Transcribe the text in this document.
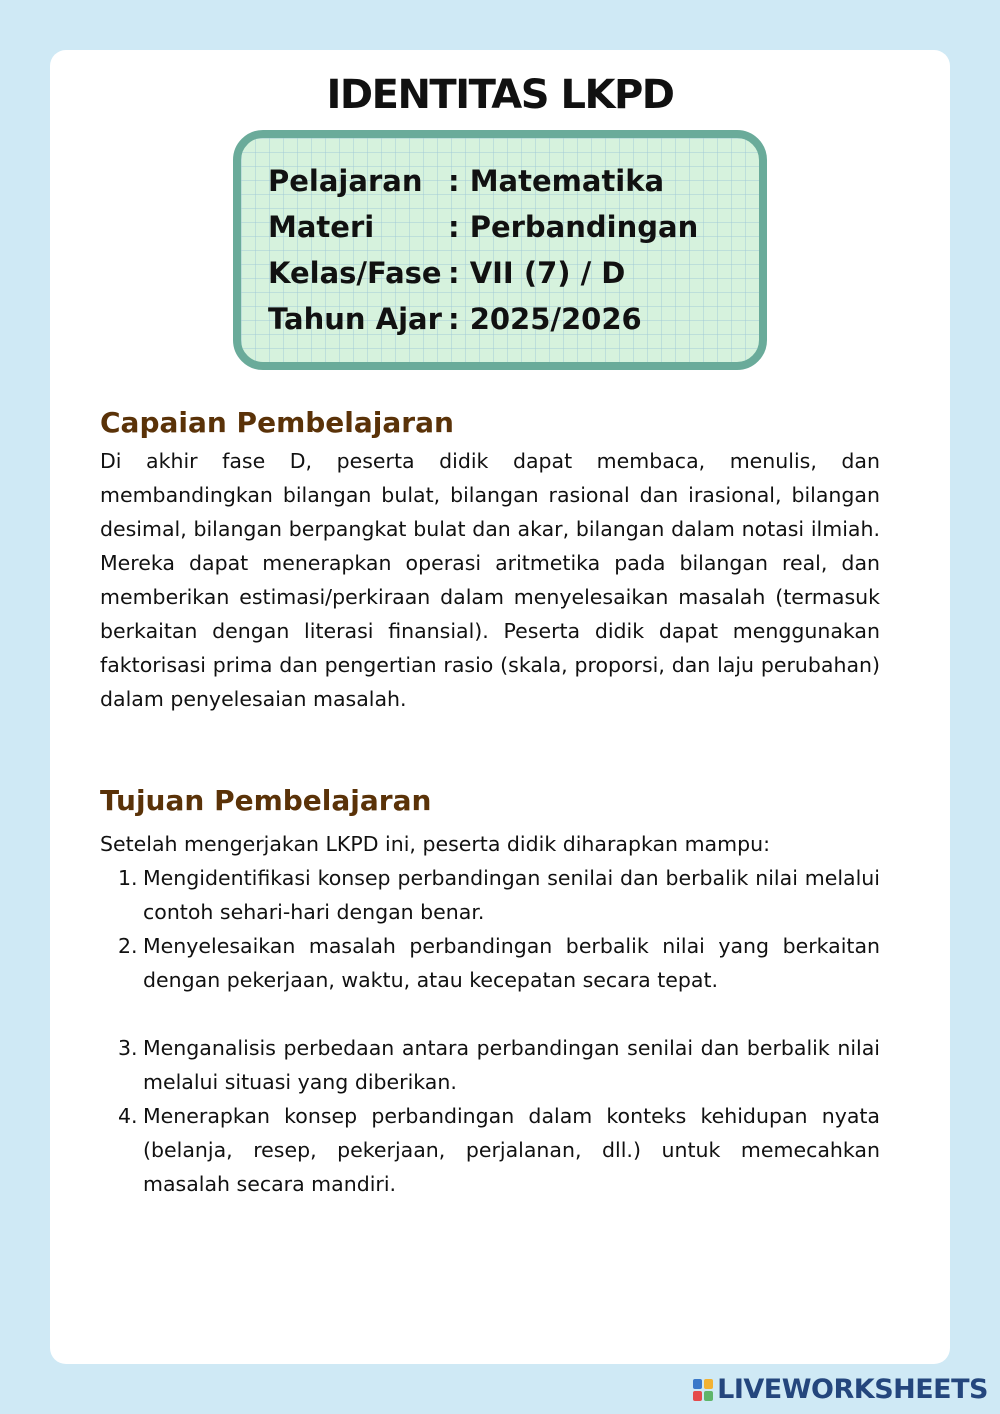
IDENTITAS LKPD
Pelajaran : Matematika
Materi	: Perbandingan
Kelas/Fase : VII (7) / D
Tahun Ajar : 2025/2026
Capaian Pembelajaran
Di akhir fase D, peserta didik dapat membaca, menulis, dan membandingkan bilangan bulat, bilangan rasional dan irasional, bilangan desimal, bilangan berpangkat bulat dan akar, bilangan dalam notasi ilmiah. Mereka dapat menerapkan operasi aritmetika pada bilangan real, dan memberikan estimasi/perkiraan dalam menyelesaikan masalah (termasuk berkaitan dengan literasi finansial). Peserta didik dapat menggunakan faktorisasi prima dan pengertian rasio (skala, proporsi, dan laju perubahan) dalam penyelesaian masalah.
Tujuan Pembelajaran
Setelah mengerjakan LKPD ini, peserta didik diharapkan mampu:
1. Mengidentifikasi konsep perbandingan senilai dan berbalik nilai melalui contoh sehari-hari dengan benar.
2. Menyelesaikan masalah perbandingan berbalik nilai yang berkaitan dengan pekerjaan, waktu, atau kecepatan secara tepat.
3. Menganalisis perbedaan antara perbandingan senilai dan berbalik nilai melalui situasi yang diberikan.
4. Menerapkan konsep perbandingan dalam konteks kehidupan nyata (belanja, resep, pekerjaan, perjalanan, dll.) untuk memecahkan masalah secara mandiri.
LIVEWORKSHEETS
